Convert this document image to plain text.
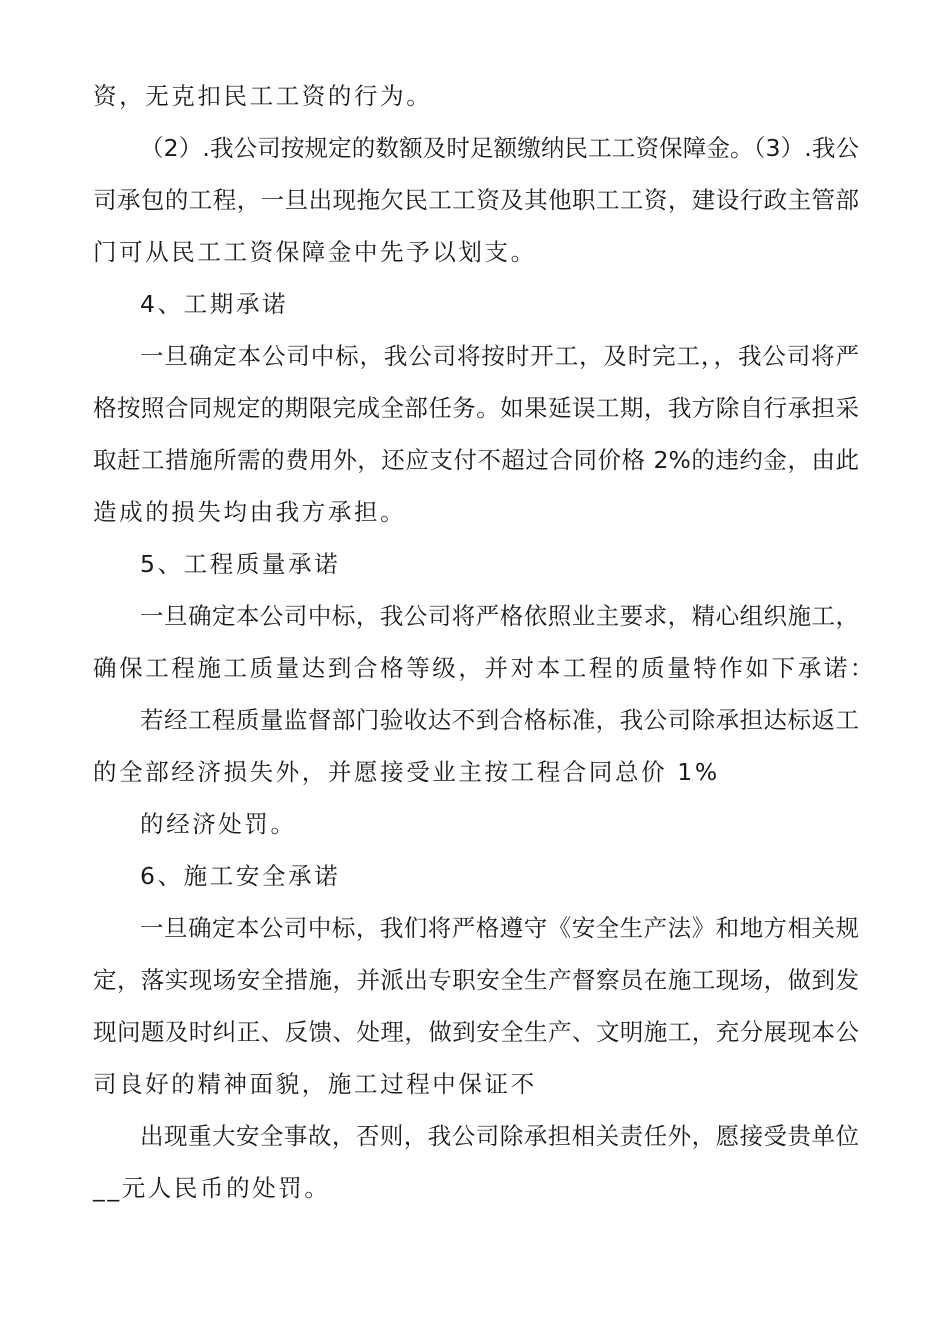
资，无克扣民工工资的行为。
（2）.我公司按规定的数额及时足额缴纳民工工资保障金。（3）.我公
司承包的工程，一旦出现拖欠民工工资及其他职工工资，建设行政主管部
门可从民工工资保障金中先予以划支。
4、工期承诺
一旦确定本公司中标，我公司将按时开工，及时完工，，我公司将严
格按照合同规定的期限完成全部任务。如果延误工期，我方除自行承担采
取赶工措施所需的费用外，还应支付不超过合同价格 2%的违约金，由此
造成的损失均由我方承担。
5、工程质量承诺
一旦确定本公司中标，我公司将严格依照业主要求，精心组织施工，
确保工程施工质量达到合格等级，并对本工程的质量特作如下承诺：
若经工程质量监督部门验收达不到合格标准，我公司除承担达标返工
的全部经济损失外，并愿接受业主按工程合同总价 1%
的经济处罚。
6、施工安全承诺
一旦确定本公司中标，我们将严格遵守《安全生产法》和地方相关规
定，落实现场安全措施，并派出专职安全生产督察员在施工现场，做到发
现问题及时纠正、反馈、处理，做到安全生产、文明施工，充分展现本公
司良好的精神面貌，施工过程中保证不
出现重大安全事故，否则，我公司除承担相关责任外，愿接受贵单位
__元人民币的处罚。
